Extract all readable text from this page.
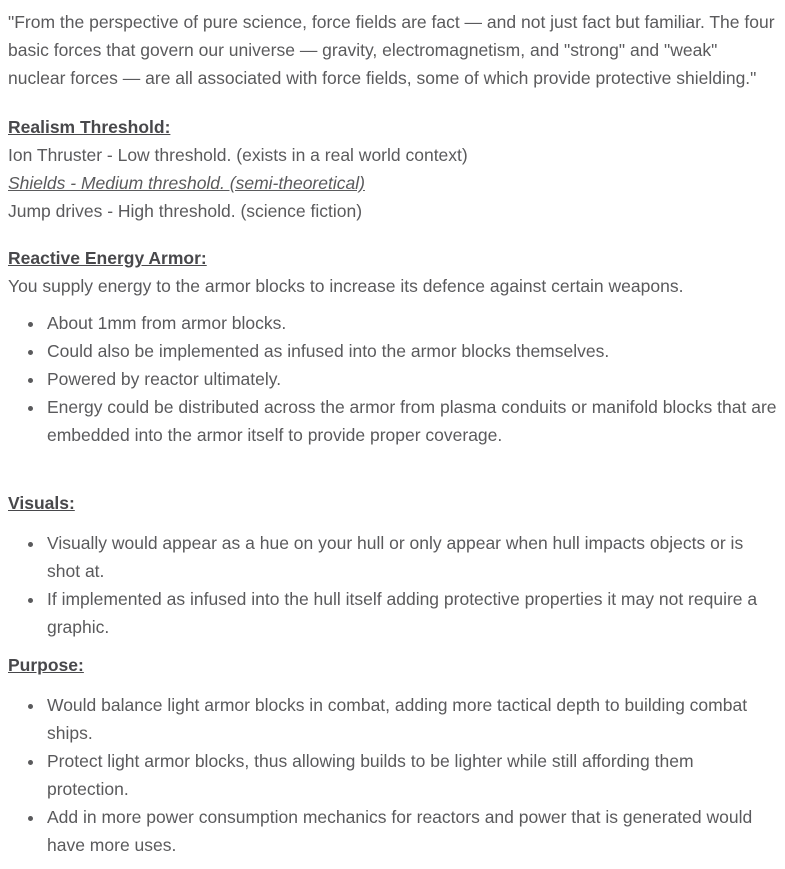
"From the perspective of pure science, force fields are fact — and not just fact but familiar. The four basic forces that govern our universe — gravity, electromagnetism, and "strong" and "weak" nuclear forces — are all associated with force fields, some of which provide protective shielding."

Realism Threshold:
Ion Thruster - Low threshold. (exists in a real world context)
Shields - Medium threshold. (semi-theoretical)
Jump drives - High threshold. (science fiction)

Reactive Energy Armor:
You supply energy to the armor blocks to increase its defence against certain weapons.

• About 1mm from armor blocks.
• Could also be implemented as infused into the armor blocks themselves.
• Powered by reactor ultimately.
• Energy could be distributed across the armor from plasma conduits or manifold blocks that are embedded into the armor itself to provide proper coverage.

Visuals:

• Visually would appear as a hue on your hull or only appear when hull impacts objects or is shot at.
• If implemented as infused into the hull itself adding protective properties it may not require a graphic.

Purpose:

• Would balance light armor blocks in combat, adding more tactical depth to building combat ships.
• Protect light armor blocks, thus allowing builds to be lighter while still affording them protection.
• Add in more power consumption mechanics for reactors and power that is generated would have more uses.
